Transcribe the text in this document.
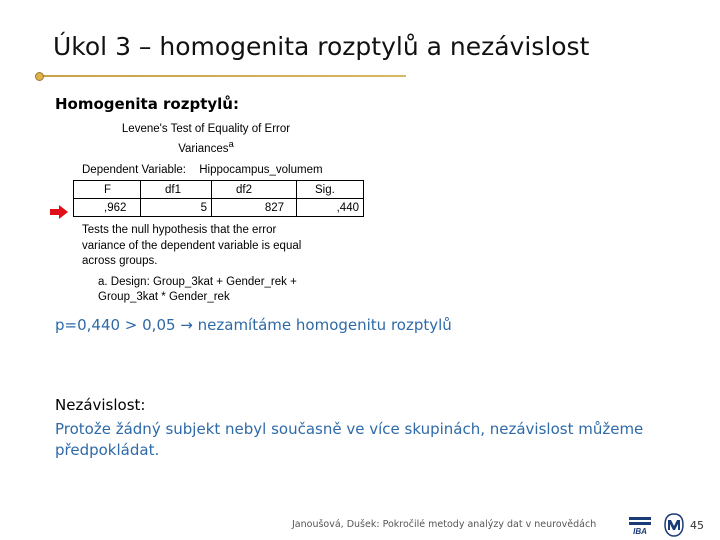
Úkol 3 – homogenita rozptylů a nezávislost
Homogenita rozptylů:
Levene's Test of Equality of Error
Variances$^a$
Dependent Variable: Hippocampus_volumem
F	df1	df2	Sig.
,962	5	827	,440
Tests the null hypothesis that the error
variance of the dependent variable is equal
across groups.
a. Design: Group_3kat + Gender_rek +
Group_3kat * Gender_rek
p=0,440 > 0,05 → nezamítáme homogenitu rozptylů
Nezávislost:
Protože žádný subjekt nebyl současně ve více skupinách, nezávislost můžeme předpokládat.
Janoušová, Dušek: Pokročilé metody analýzy dat v neurovědách
IBA	45
